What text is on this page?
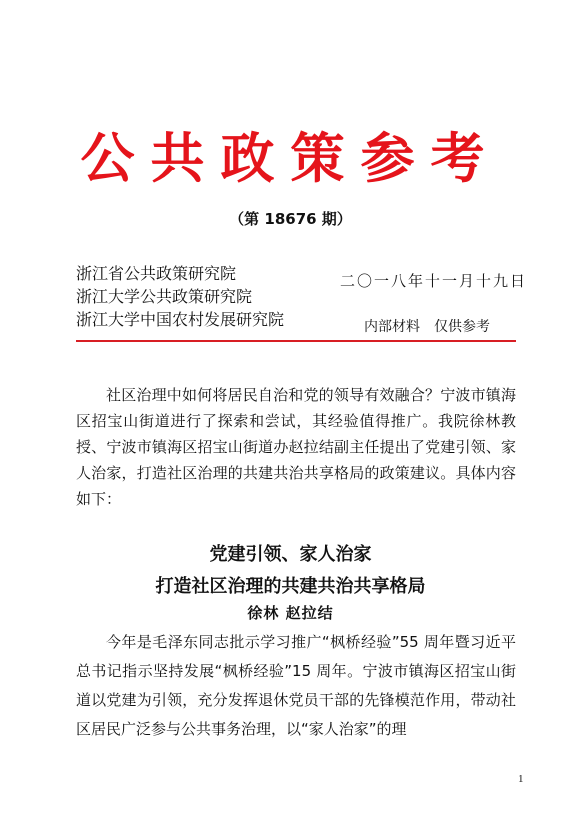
公共政策参考
（第 18676 期）
浙江省公共政策研究院
浙江大学公共政策研究院
浙江大学中国农村发展研究院
二〇一八年十一月十九日
内部材料 仅供参考

社区治理中如何将居民自治和党的领导有效融合？宁波市镇海区招宝山街道进行了探索和尝试，其经验值得推广。我院徐林教授、宁波市镇海区招宝山街道办赵拉结副主任提出了党建引领、家人治家，打造社区治理的共建共治共享格局的政策建议。具体内容如下：

党建引领、家人治家
打造社区治理的共建共治共享格局
徐林 赵拉结

今年是毛泽东同志批示学习推广“枫桥经验”55 周年暨习近平总书记指示坚持发展“枫桥经验”15 周年。宁波市镇海区招宝山街道以党建为引领，充分发挥退休党员干部的先锋模范作用，带动社区居民广泛参与公共事务治理，以“家人治家”的理

1
